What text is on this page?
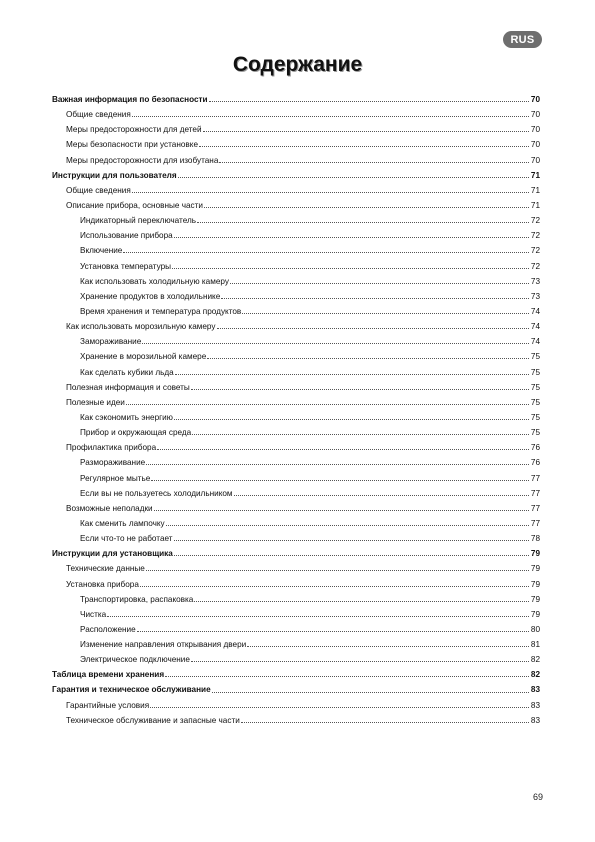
RUS
Содержание
Важная информация по безопасности	70
Общие сведения	70
Меры предосторожности для детей	70
Меры безопасности при установке	70
Меры предосторожности для изобутана	70
Инструкции для пользователя	71
Общие сведения	71
Описание прибора, основные части	71
Индикаторный переключатель	72
Использование прибора	72
Включение	72
Установка температуры	72
Как использовать холодильную камеру	73
Хранение продуктов в холодильнике	73
Время хранения и температура продуктов	74
Как использовать морозильную камеру	74
Замораживание	74
Хранение в морозильной камере	75
Как сделать кубики льда	75
Полезная информация и советы	75
Полезные идеи	75
Как сэкономить энергию	75
Прибор и окружающая среда	75
Профилактика прибора	76
Размораживание	76
Регулярное мытье	77
Если вы не пользуетесь холодильником	77
Возможные неполадки	77
Как сменить лампочку	77
Если что-то не работает	78
Инструкции для установщика	79
Технические данные	79
Установка прибора	79
Транспортировка, распаковка	79
Чистка	79
Расположение	80
Изменение направления открывания двери	81
Электрическое подключение	82
Таблица времени хранения	82
Гарантия и техническое обслуживание	83
Гарантийные условия	83
Техническое обслуживание и запасные части	83
69
